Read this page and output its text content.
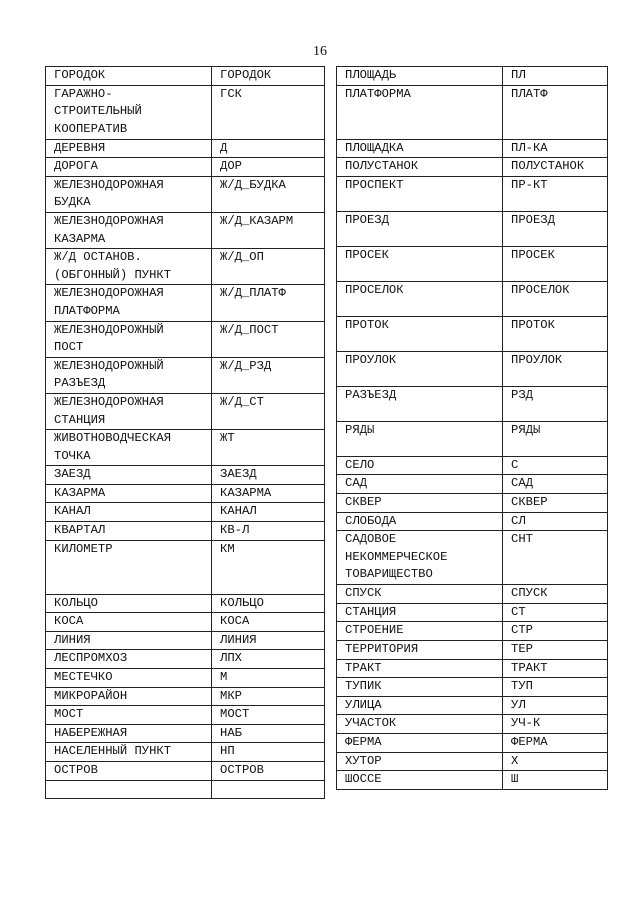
16
ГОРОДОК	ГОРОДОК
ГАРАЖНО-
СТРОИТЕЛЬНЫЙ
КООПЕРАТИВ	ГСК
ДЕРЕВНЯ	Д
ДОРОГА	ДОР
ЖЕЛЕЗНОДОРОЖНАЯ
БУДКА	Ж/Д_БУДКА
ЖЕЛЕЗНОДОРОЖНАЯ
КАЗАРМА	Ж/Д_КАЗАРМ
Ж/Д ОСТАНОВ.
(ОБГОННЫЙ) ПУНКТ	Ж/Д_ОП
ЖЕЛЕЗНОДОРОЖНАЯ
ПЛАТФОРМА	Ж/Д_ПЛАТФ
ЖЕЛЕЗНОДОРОЖНЫЙ
ПОСТ	Ж/Д_ПОСТ
ЖЕЛЕЗНОДОРОЖНЫЙ
РАЗЪЕЗД	Ж/Д_РЗД
ЖЕЛЕЗНОДОРОЖНАЯ
СТАНЦИЯ	Ж/Д_СТ
ЖИВОТНОВОДЧЕСКАЯ
ТОЧКА	ЖТ
ЗАЕЗД	ЗАЕЗД
КАЗАРМА	КАЗАРМА
КАНАЛ	КАНАЛ
КВАРТАЛ	КВ-Л
КИЛОМЕТР	КМ
КОЛЬЦО	КОЛЬЦО
КОСА	КОСА
ЛИНИЯ	ЛИНИЯ
ЛЕСПРОМХОЗ	ЛПХ
МЕСТЕЧКО	М
МИКРОРАЙОН	МКР
МОСТ	МОСТ
НАБЕРЕЖНАЯ	НАБ
НАСЕЛЕННЫЙ ПУНКТ	НП
ОСТРОВ	ОСТРОВ

ПЛОЩАДЬ	ПЛ
ПЛАТФОРМА	ПЛАТФ
ПЛОЩАДКА	ПЛ-КА
ПОЛУСТАНОК	ПОЛУСТАНОК
ПРОСПЕКТ	ПР-КТ
ПРОЕЗД	ПРОЕЗД
ПРОСЕК	ПРОСЕК
ПРОСЕЛОК	ПРОСЕЛОК
ПРОТОК	ПРОТОК
ПРОУЛОК	ПРОУЛОК
РАЗЪЕЗД	РЗД
РЯДЫ	РЯДЫ
СЕЛО	С
САД	САД
СКВЕР	СКВЕР
СЛОБОДА	СЛ
САДОВОЕ
НЕКОММЕРЧЕСКОЕ
ТОВАРИЩЕСТВО	СНТ
СПУСК	СПУСК
СТАНЦИЯ	СТ
СТРОЕНИЕ	СТР
ТЕРРИТОРИЯ	ТЕР
ТРАКТ	ТРАКТ
ТУПИК	ТУП
УЛИЦА	УЛ
УЧАСТОК	УЧ-К
ФЕРМА	ФЕРМА
ХУТОР	Х
ШОССЕ	Ш
